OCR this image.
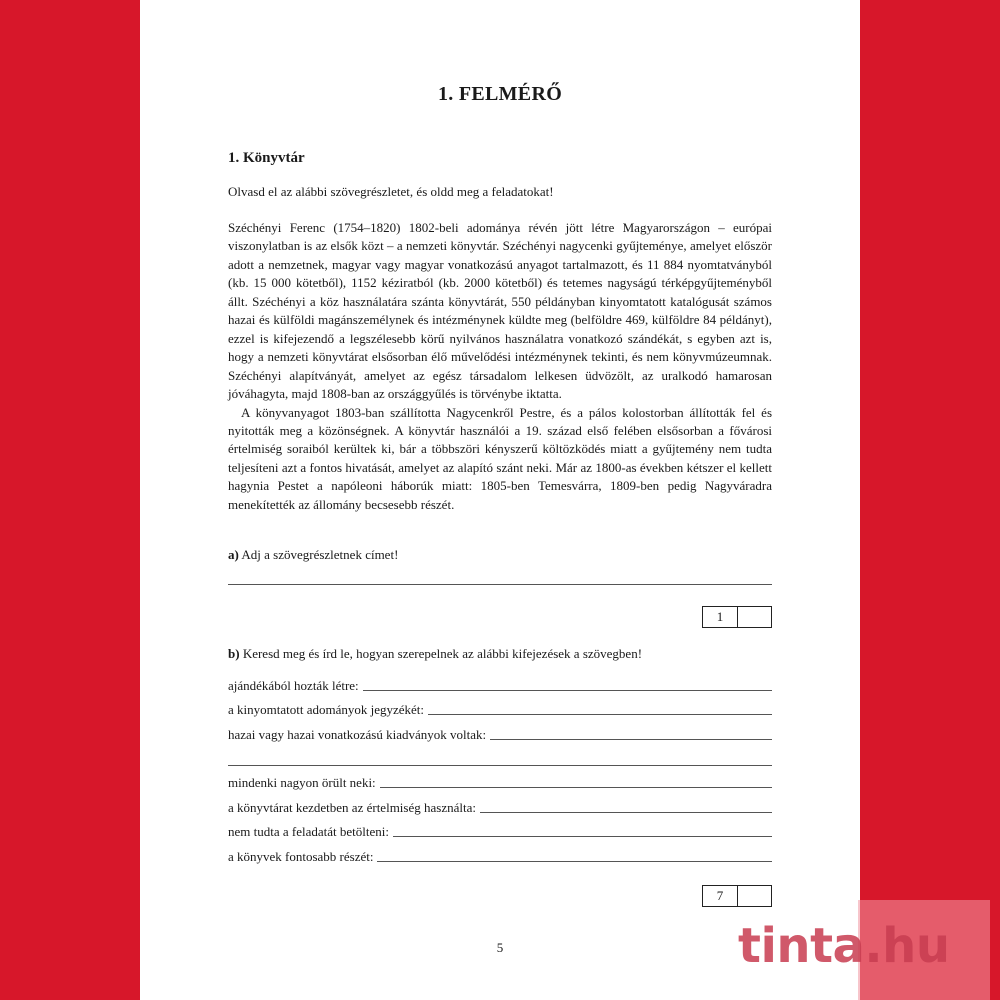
1. FELMÉRŐ
1. Könyvtár
Olvasd el az alábbi szövegrészletet, és oldd meg a feladatokat!

Széchényi Ferenc (1754–1820) 1802-beli adománya révén jött létre Magyarországon – európai viszonylatban is az elsők közt – a nemzeti könyvtár. Széchényi nagycenki gyűjteménye, amelyet először adott a nemzetnek, magyar vagy magyar vonatkozású anyagot tartalmazott, és 11 884 nyomtatványból (kb. 15 000 kötetből), 1152 kéziratból (kb. 2000 kötetből) és tetemes nagyságú térképgyűjteményből állt. Széchényi a köz használatára szánta könyvtárát, 550 példányban kinyomtatott katalógusát számos hazai és külföldi magánszemélynek és intézménynek küldte meg (belföldre 469, külföldre 84 példányt), ezzel is kifejezendő a legszélesebb körű nyilvános használatra vonatkozó szándékát, s egyben azt is, hogy a nemzeti könyvtárat elsősorban élő művelődési intézménynek tekinti, és nem könyvmúzeumnak. Széchényi alapítványát, amelyet az egész társadalom lelkesen üdvözölt, az uralkodó hamarosan jóváhagyta, majd 1808-ban az országgyűlés is törvénybe iktatta.

A könyvanyagot 1803-ban szállította Nagycenkről Pestre, és a pálos kolostorban állították fel és nyitották meg a közönségnek. A könyvtár használói a 19. század első felében elsősorban a fővárosi értelmiség soraiból kerültek ki, bár a többszöri kényszerű költözködés miatt a gyűjtemény nem tudta teljesíteni azt a fontos hivatását, amelyet az alapító szánt neki. Már az 1800-as években kétszer el kellett hagynia Pestet a napóleoni háborúk miatt: 1805-ben Temesvárra, 1809-ben pedig Nagyváradra menekítették az állomány becsesebb részét.

a) Adj a szövegrészletnek címet!
1
b) Keresd meg és írd le, hogyan szerepelnek az alábbi kifejezések a szövegben!
ajándékából hozták létre:
a kinyomtatott adományok jegyzékét:
hazai vagy hazai vonatkozású kiadványok voltak:
mindenki nagyon örült neki:
a könyvtárat kezdetben az értelmiség használta:
nem tudta a feladatát betölteni:
a könyvek fontosabb részét:
7
5	tinta.hu
